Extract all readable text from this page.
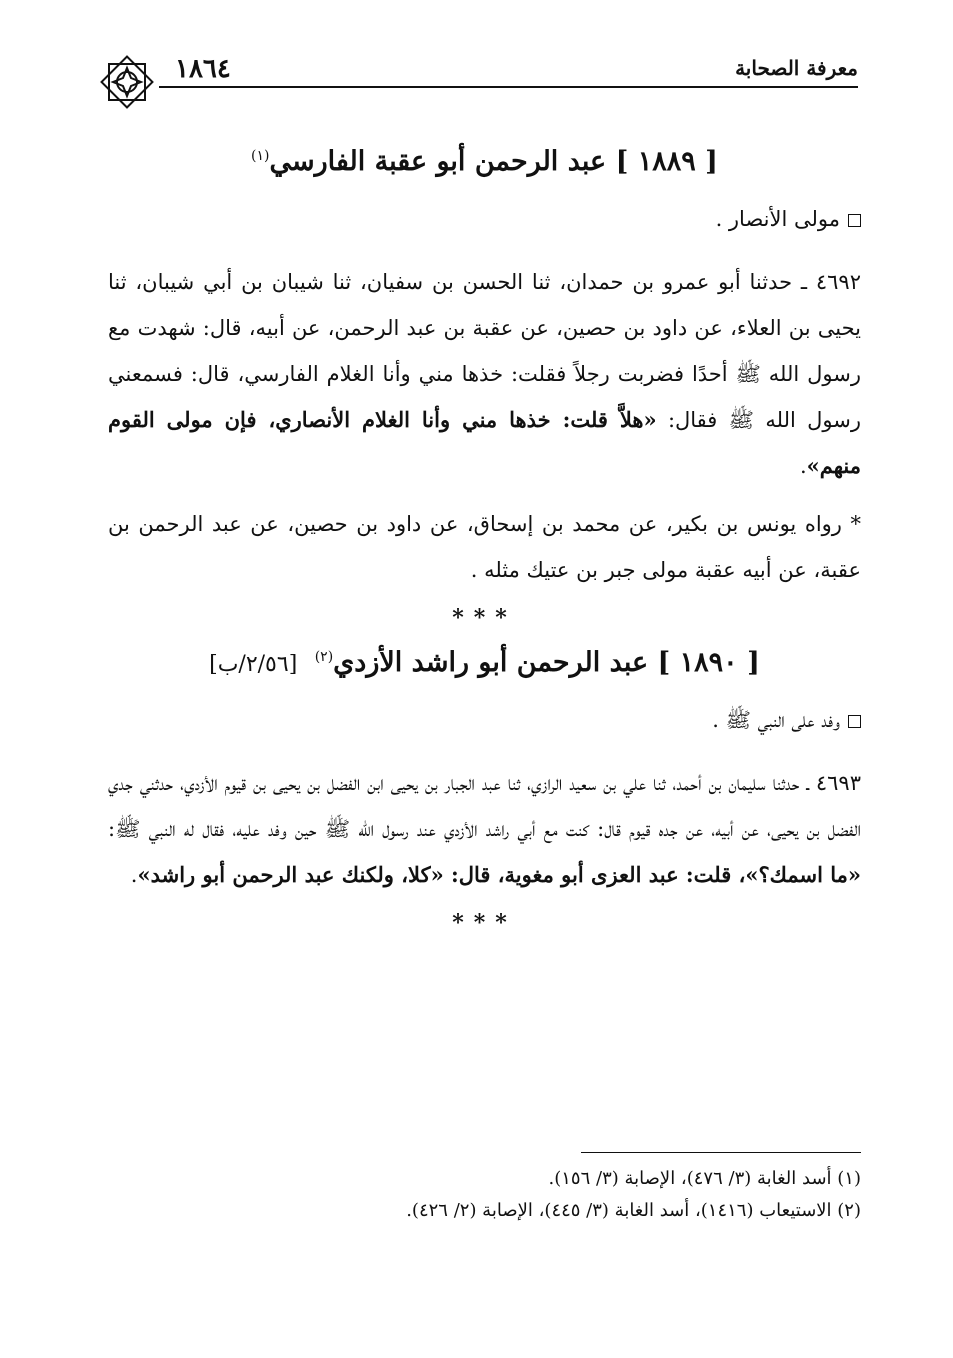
١٨٦٤	معرفة الصحابة
[ ١٨٨٩ ] عبد الرحمن أبو عقبة الفارسي$^{(١)}$
مولى الأنصار .

٤٦٩٢ ـ حدثنا أبو عمرو بن حمدان، ثنا الحسن بن سفيان، ثنا شيبان بن أبي شيبان، ثنا يحيى بن العلاء، عن داود بن حصين، عن عقبة بن عبد الرحمن، عن أبيه، قال: شهدت مع رسول الله ﷺ أحدًا فضربت رجلاً فقلت: خذها مني وأنا الغلام الفارسي، قال: فسمعني رسول الله ﷺ فقال: «هلاَّ قلت: خذها مني وأنا الغلام الأنصاري، فإن مولى القوم منهم».

* رواه يونس بن بكير، عن محمد بن إسحاق، عن داود بن حصين، عن عبد الرحمن بن عقبة، عن أبيه عقبة مولى جبر بن عتيك مثله .

***
[ ١٨٩٠ ] عبد الرحمن أبو راشد الأزدي$^{(٢)}$ [٢/٥٦/ب]
وفد على النبي ﷺ .

٤٦٩٣ ـ حدثنا سليمان بن أحمد، ثنا علي بن سعيد الرازي، ثنا عبد الجبار بن يحيى ابن الفضل بن يحيى بن قيوم الأزدي، حدثني جدي الفضل بن يحيى، عن أبيه، عن جده قيوم قال: كنت مع أبي راشد الأزدي عند رسول الله ﷺ حين وفد عليه، فقال له النبي ﷺ: «ما اسمك؟»، قلت: عبد العزى أبو مغوية، قال: «كلا، ولكنك عبد الرحمن أبو راشد».

***
(١) أسد الغابة (٣/ ٤٧٦)، الإصابة (٣/ ١٥٦).
(٢) الاستيعاب (١٤١٦)، أسد الغابة (٣/ ٤٤٥)، الإصابة (٢/ ٤٢٦).
